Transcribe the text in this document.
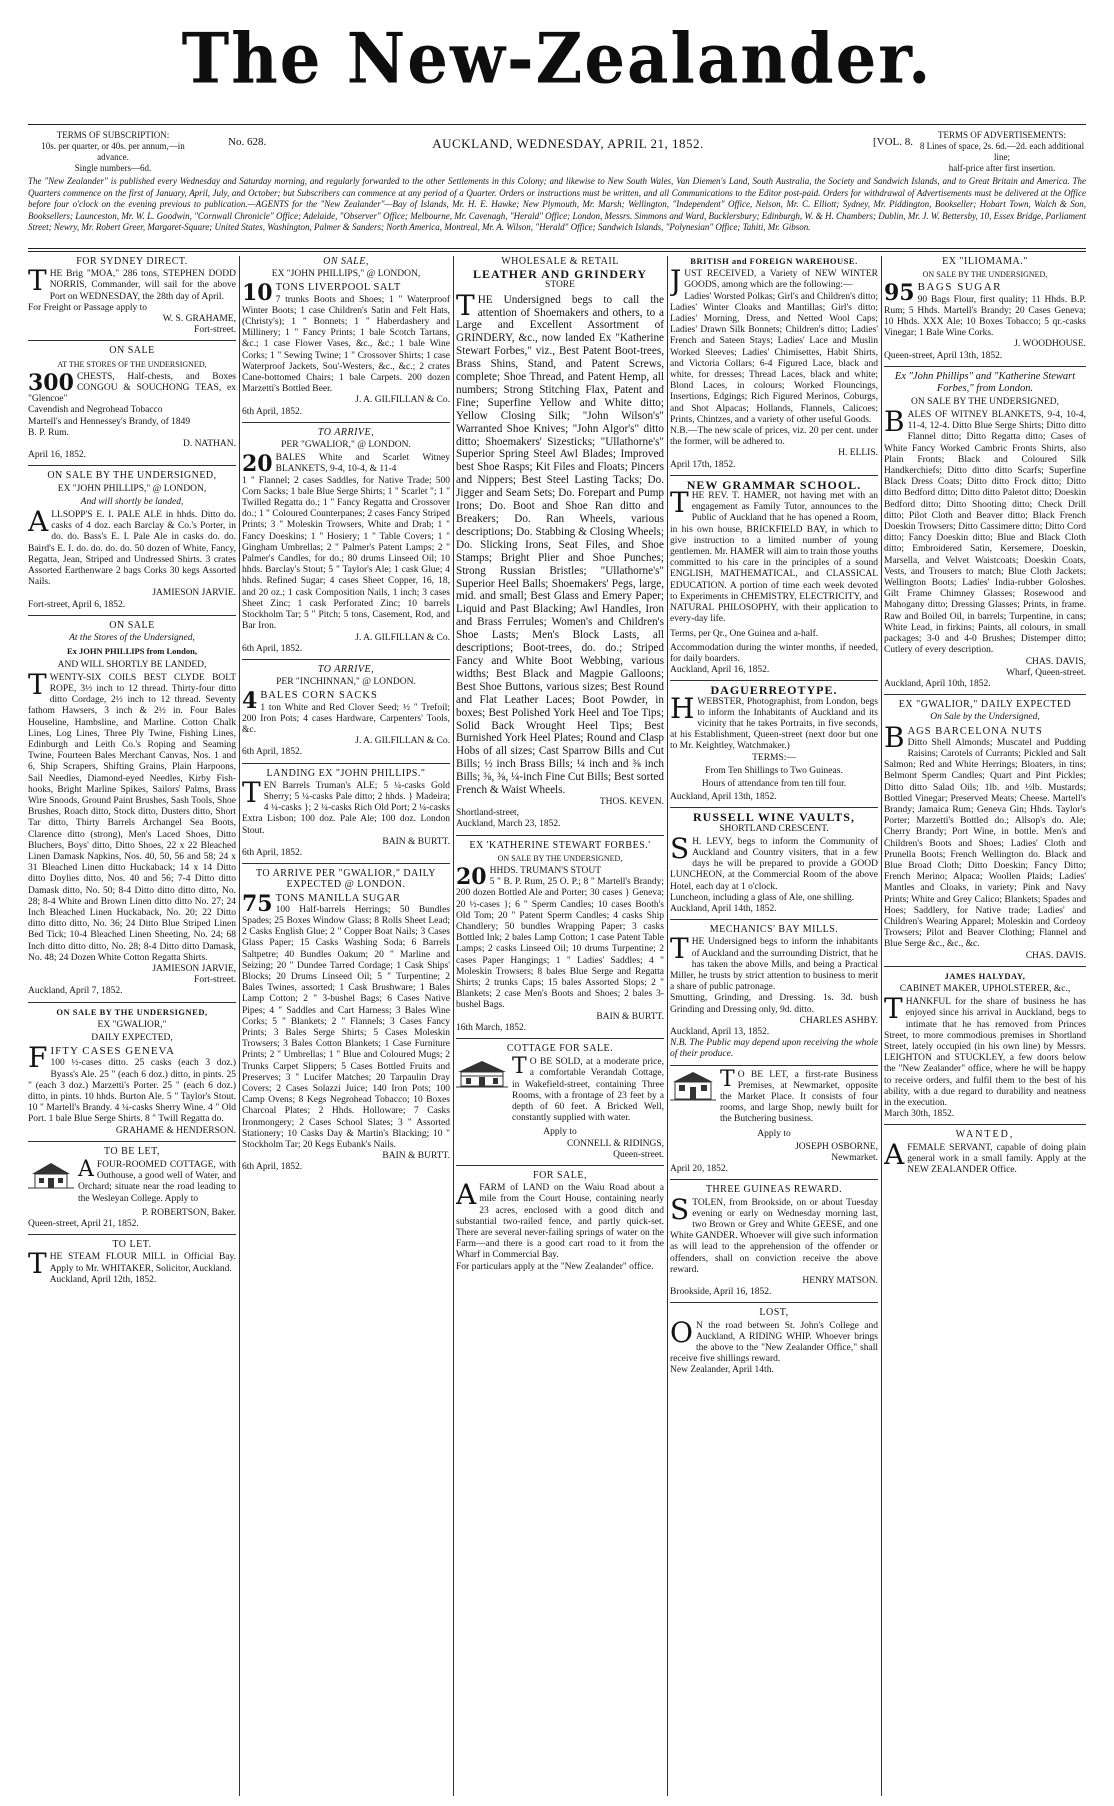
The New-Zealander.
TERMS OF SUBSCRIPTION:
10s. per quarter, or 40s. per annum,—in advance.
Single numbers—6d.
No. 628.	AUCKLAND, WEDNESDAY, APRIL 21, 1852.	[VOL. 8.
TERMS OF ADVERTISEMENTS:
8 Lines of space, 2s. 6d.—2d. each additional line;
half-price after first insertion.
The "New Zealander" is published every Wednesday and Saturday morning, and regularly forwarded to the other Settlements in this Colony; and likewise to New South Wales, Van Diemen's Land, South Australia, the Society and Sandwich Islands, and to Great Britain and America. The Quarters commence on the first of January, April, July, and October; but Subscribers can commence at any period of a Quarter. Orders or instructions must be written, and all Communications to the Editor post-paid. Orders for withdrawal of Advertisements must be delivered at the Office before four o'clock on the evening previous to publication.—AGENTS for the "New Zealander"—Bay of Islands, Mr. H. E. Hawke; New Plymouth, Mr. Marsh; Wellington, "Independent" Office, Nelson, Mr. C. Elliott; Sydney, Mr. Piddington, Bookseller; Hobart Town, Walch & Son, Booksellers; Launceston, Mr. W. L. Goodwin, "Cornwall Chronicle" Office; Adelaide, "Observer" Office; Melbourne, Mr. Cavenagh, "Herald" Office; London, Messrs. Simmons and Ward, Bucklersbury; Edinburgh, W. & H. Chambers; Dublin, Mr. J. W. Bettersby, 10, Essex Bridge, Parliament Street; Newry, Mr. Robert Greer, Margaret-Square; United States, Washington, Palmer & Sanders; North America, Montreal, Mr. A. Wilson, "Herald" Office; Sandwich Islands, "Polynesian" Office; Tahiti, Mr. Gibson.
FOR SYDNEY DIRECT.

THE Brig "MOA," 286 tons, STEPHEN DODD NORRIS, Commander, will sail for the above Port on WEDNESDAY, the 28th day of April.

For Freight or Passage apply to

W. S. GRAHAME,

Fort-street.

ON SALE

AT THE STORES OF THE UNDERSIGNED,

300 CHESTS, Half-chests, and Boxes CONGOU & SOUCHONG TEAS, ex "Glencoe"

Cavendish and Negrohead Tobacco

Martell's and Hennessey's Brandy, of 1849

B. P. Rum.

D. NATHAN.

April 16, 1852.

ON SALE BY THE UNDERSIGNED,

EX "JOHN PHILLIPS," @ LONDON,

And will shortly be landed,

ALLSOPP'S E. I. PALE ALE in hhds. Ditto do. casks of 4 doz. each Barclay & Co.'s Porter, in do. do. Bass's E. I. Pale Ale in casks do. do. Baird's E. I. do. do. do. do. 50 dozen of White, Fancy, Regatta, Jean, Striped and Undressed Shirts. 3 crates Assorted Earthenware 2 bags Corks 30 kegs Assorted Nails.

JAMIESON JARVIE.

Fort-street, April 6, 1852.

ON SALE

At the Stores of the Undersigned,

Ex JOHN PHILLIPS from London,

AND WILL SHORTLY BE LANDED,

TWENTY-SIX COILS BEST CLYDE BOLT ROPE, 3½ inch to 12 thread. Thirty-four ditto ditto Cordage, 2½ inch to 12 thread. Seventy fathom Hawsers, 3 inch & 2½ in. Four Bales Houseline, Hambsline, and Marline. Cotton Chalk Lines, Log Lines, Three Ply Twine, Fishing Lines, Edinburgh and Leith Co.'s Roping and Seaming Twine, Fourteen Bales Merchant Canvas, Nos. 1 and 6, Ship Scrapers, Shifting Grains, Plain Harpoons, Sail Needles, Diamond-eyed Needles, Kirby Fish-hooks, Bright Marline Spikes, Sailors' Palms, Brass Wire Snoods, Ground Paint Brushes, Sash Tools, Shoe Brushes, Roach ditto, Stock ditto, Dusters ditto, Short Tar ditto, Thirty Barrels Archangel Sea Boots, Clarence ditto (strong), Men's Laced Shoes, Ditto Bluchers, Boys' ditto, Ditto Shoes, 22 x 22 Bleached Linen Damask Napkins, Nos. 40, 50, 56 and 58; 24 x 31 Bleached Linen ditto Huckaback; 14 x 14 Ditto ditto Doylies ditto, Nos. 40 and 56; 7-4 Ditto ditto Damask ditto, No. 50; 8-4 Ditto ditto ditto ditto, No. 28; 8-4 White and Brown Linen ditto ditto No. 27; 24 Inch Bleached Linen Huckaback, No. 20; 22 Ditto ditto ditto ditto, No. 36; 24 Ditto Blue Striped Linen Bed Tick; 10-4 Bleached Linen Sheeting, No. 24; 68 Inch ditto ditto ditto, No. 28; 8-4 Ditto ditto Damask, No. 48; 24 Dozen White Cotton Regatta Shirts.

JAMIESON JARVIE,

Fort-street.

Auckland, April 7, 1852.

ON SALE BY THE UNDERSIGNED,

EX "GWALIOR,"

DAILY EXPECTED,

FIFTY CASES GENEVA

100 ½-cases ditto. 25 casks (each 3 doz.) Byass's Ale. 25 " (each 6 doz.) ditto, in pints. 25 " (each 3 doz.) Marzetti's Porter. 25 " (each 6 doz.) ditto, in pints. 10 hhds. Burton Ale. 5 " Taylor's Stout. 10 " Martell's Brandy. 4 ¼-casks Sherry Wine. 4 " Old Port. 1 bale Blue Serge Shirts. 8 " Twill Regatta do.

GRAHAME & HENDERSON.

TO BE LET,

AFOUR-ROOMED COTTAGE, with Outhouse, a good well of Water, and Orchard; situate near the road leading to the Wesleyan College. Apply to

P. ROBERTSON, Baker.

Queen-street, April 21, 1852.

TO LET.

THE STEAM FLOUR MILL in Official Bay. Apply to Mr. WHITAKER, Solicitor, Auckland.

Auckland, April 12th, 1852.

ON SALE,

EX "JOHN PHILLIPS," @ LONDON,

10 TONS LIVERPOOL SALT

7 trunks Boots and Shoes; 1 " Waterproof Winter Boots; 1 case Children's Satin and Felt Hats, (Christy's); 1 " Bonnets; 1 " Haberdashery and Millinery; 1 " Fancy Prints; 1 bale Scotch Tartans, &c.; 1 case Flower Vases, &c., &c.; 1 bale Wine Corks; 1 " Sewing Twine; 1 " Crossover Shirts; 1 case Waterproof Jackets, Sou'-Westers, &c., &c.; 2 crates Cane-bottomed Chairs; 1 bale Carpets. 200 dozen Marzetti's Bottled Beer.

J. A. GILFILLAN & Co.

6th April, 1852.

TO ARRIVE,

PER "GWALIOR," @ LONDON.

20 BALES White and Scarlet Witney BLANKETS, 9-4, 10-4, & 11-4

1 " Flannel; 2 cases Saddles, for Native Trade; 500 Corn Sacks; 1 bale Blue Serge Shirts; 1 " Scarlet "; 1 " Twilled Regatta do.; 1 " Fancy Regatta and Crossover do.; 1 " Coloured Counterpanes; 2 cases Fancy Striped Prints; 3 " Moleskin Trowsers, White and Drab; 1 " Fancy Doeskins; 1 " Hosiery; 1 " Table Covers; 1 " Gingham Umbrellas; 2 " Palmer's Patent Lamps; 2 " Palmer's Candles, for do.; 80 drums Linseed Oil; 10 hhds. Barclay's Stout; 5 " Taylor's Ale; 1 cask Glue; 4 hhds. Refined Sugar; 4 cases Sheet Copper, 16, 18, and 20 oz.; 1 cask Composition Nails, 1 inch; 3 cases Sheet Zinc; 1 cask Perforated Zinc; 10 barrels Stockholm Tar; 5 " Pitch; 5 tons, Casement, Rod, and Bar Iron.

J. A. GILFILLAN & Co.

6th April, 1852.

TO ARRIVE,

PER "INCHINNAN," @ LONDON.

4 BALES CORN SACKS

1 ton White and Red Clover Seed; ½ " Trefoil; 200 Iron Pots; 4 cases Hardware, Carpenters' Tools, &c.

J. A. GILFILLAN & Co.

6th April, 1852.

LANDING EX "JOHN PHILLIPS."

TEN Barrels Truman's ALE; 5 ¼-casks Gold Sherry; 5 ¼-casks Pale ditto; 2 hhds. } Madeira; 4 ¼-casks }; 2 ¼-casks Rich Old Port; 2 ¼-casks Extra Lisbon; 100 doz. Pale Ale; 100 doz. London Stout.

BAIN & BURTT.

6th April, 1852.

TO ARRIVE PER "GWALIOR," DAILY EXPECTED @ LONDON.

75 TONS MANILLA SUGAR

100 Half-barrels Herrings; 50 Bundles Spades; 25 Boxes Window Glass; 8 Rolls Sheet Lead; 2 Casks English Glue; 2 " Copper Boat Nails; 3 Cases Glass Paper; 15 Casks Washing Soda; 6 Barrels Saltpetre; 40 Bundles Oakum; 20 " Marline and Seizing; 20 " Dundee Tarred Cordage; 1 Cask Ships' Blocks; 20 Drums Linseed Oil; 5 " Turpentine; 2 Bales Twines, assorted; 1 Cask Brushware; 1 Bales Lamp Cotton; 2 " 3-bushel Bags; 6 Cases Native Pipes; 4 " Saddles and Cart Harness; 3 Bales Wine Corks; 5 " Blankets; 2 " Flannels; 3 Cases Fancy Prints; 3 Bales Serge Shirts; 5 Cases Moleskin Trowsers; 3 Bales Cotton Blankets; 1 Case Furniture Prints; 2 " Umbrellas; 1 " Blue and Coloured Mugs; 2 Trunks Carpet Slippers; 5 Cases Bottled Fruits and Preserves; 3 " Lucifer Matches; 20 Tarpaulin Dray Covers; 2 Cases Solazzi Juice; 140 Iron Pots; 100 Camp Ovens; 8 Kegs Negrohead Tobacco; 10 Boxes Charcoal Plates; 2 Hhds. Holloware; 7 Casks Ironmongery; 2 Cases School Slates; 3 " Assorted Stationery; 10 Casks Day & Martin's Blacking; 10 " Stockholm Tar; 20 Kegs Eubank's Nails.

BAIN & BURTT.

6th April, 1852.

WHOLESALE & RETAIL

LEATHER AND GRINDERY

STORE

THE Undersigned begs to call the attention of Shoemakers and others, to a Large and Excellent Assortment of GRINDERY, &c., now landed Ex "Katherine Stewart Forbes," viz., Best Patent Boot-trees, Brass Shins, Stand, and Patent Screws, complete; Shoe Thread, and Patent Hemp, all numbers; Strong Stitching Flax, Patent and Fine; Superfine Yellow and White ditto; Yellow Closing Silk; "John Wilson's" Warranted Shoe Knives; "John Algor's" ditto ditto; Shoemakers' Sizesticks; "Ullathorne's" Superior Spring Steel Awl Blades; Improved best Shoe Rasps; Kit Files and Floats; Pincers and Nippers; Best Steel Lasting Tacks; Do. Jigger and Seam Sets; Do. Forepart and Pump Irons; Do. Boot and Shoe Ran ditto and Breakers; Do. Ran Wheels, various descriptions; Do. Stabbing & Closing Wheels; Do. Slicking Irons, Seat Files, and Shoe Stamps; Bright Plier and Shoe Punches; Strong Russian Bristles; "Ullathorne's" Superior Heel Balls; Shoemakers' Pegs, large, mid. and small; Best Glass and Emery Paper; Liquid and Past Blacking; Awl Handles, Iron and Brass Ferrules; Women's and Children's Shoe Lasts; Men's Block Lasts, all descriptions; Boot-trees, do. do.; Striped Fancy and White Boot Webbing, various widths; Best Black and Magpie Galloons; Best Shoe Buttons, various sizes; Best Round and Flat Leather Laces; Boot Powder, in boxes; Best Polished York Heel and Toe Tips; Solid Back Wrought Heel Tips; Best Burnished York Heel Plates; Round and Clasp Hobs of all sizes; Cast Sparrow Bills and Cut Bills; ½ inch Brass Bills; ¼ inch and ⅜ inch Bills; ⅜, ⅜, ¼-inch Fine Cut Bills; Best sorted French & Waist Wheels.

THOS. KEVEN.

Shortland-street,

Auckland, March 23, 1852.

EX 'KATHERINE STEWART FORBES.'

ON SALE BY THE UNDERSIGNED,

20 HHDS. TRUMAN'S STOUT

5 " B. P. Rum, 25 O. P.; 8 " Martell's Brandy; 200 dozen Bottled Ale and Porter; 30 cases } Geneva; 20 ½-cases }; 6 " Sperm Candles; 10 cases Booth's Old Tom; 20 " Patent Sperm Candles; 4 casks Ship Chandlery; 50 bundles Wrapping Paper; 3 casks Bottled Ink; 2 bales Lamp Cotton; 1 case Patent Table Lamps; 2 casks Linseed Oil; 10 drums Turpentine; 2 cases Paper Hangings; 1 " Ladies' Saddles; 4 " Moleskin Trowsers; 8 bales Blue Serge and Regatta Shirts; 2 trunks Caps; 15 bales Assorted Slops; 2 " Blankets; 2 case Men's Boots and Shoes; 2 bales 3-bushel Bags.

BAIN & BURTT.

16th March, 1852.

COTTAGE FOR SALE.

T O BE SOLD, at a moderate price, a comfortable Verandah Cottage, in Wakefield-street, containing Three Rooms, with a frontage of 23 feet by a depth of 60 feet. A Bricked Well, constantly supplied with water.

Apply to

CONNELL & RIDINGS,

Queen-street.

FOR SALE,

AFARM of LAND on the Waiu Road about a mile from the Court House, containing nearly 23 acres, enclosed with a good ditch and substantial two-railed fence, and partly quick-set. There are several never-failing springs of water on the Farm—and there is a good cart road to it from the Wharf in Commercial Bay.

For particulars apply at the "New Zealander" office.

BRITISH and FOREIGN WAREHOUSE.

JUST RECEIVED, a Variety of NEW WINTER GOODS, among which are the following:—

Ladies' Worsted Polkas; Girl's and Children's ditto; Ladies' Winter Cloaks and Mantillas; Girl's ditto; Ladies' Morning, Dress, and Netted Wool Caps; Ladies' Drawn Silk Bonnets; Children's ditto; Ladies' French and Sateen Stays; Ladies' Lace and Muslin Worked Sleeves; Ladies' Chimisettes, Habit Shirts, and Victoria Collars; 6-4 Figured Lace, black and white, for dresses; Thread Laces, black and white; Blond Laces, in colours; Worked Flouncings, Insertions, Edgings; Rich Figured Merinos, Coburgs, and Shot Alpacas; Hollands, Flannels, Calicoes; Prints, Chintzes, and a variety of other useful Goods.

N.B.—The new scale of prices, viz. 20 per cent. under the former, will be adhered to.

H. ELLIS.

April 17th, 1852.

NEW GRAMMAR SCHOOL.

THE REV. T. HAMER, not having met with an engagement as Family Tutor, announces to the Public of Auckland that he has opened a Room, in his own house, BRICKFIELD BAY, in which to give instruction to a limited number of young gentlemen. Mr. HAMER will aim to train those youths committed to his care in the principles of a sound ENGLISH, MATHEMATICAL, and CLASSICAL EDUCATION. A portion of time each week devoted to Experiments in CHEMISTRY, ELECTRICITY, and NATURAL PHILOSOPHY, with their application to every-day life.

Terms, per Qr., One Guinea and a-half.

Accommodation during the winter months, if needed, for daily boarders.

Auckland, April 16, 1852.

DAGUERREOTYPE.

HWEBSTER, Photographist, from London, begs to inform the Inhabitants of Auckland and its vicinity that he takes Portraits, in five seconds, at his Establishment, Queen-street (next door but one to Mr. Keightley, Watchmaker.)

TERMS:—

From Ten Shillings to Two Guineas.

Hours of attendance from ten till four.

Auckland, April 13th, 1852.

RUSSELL WINE VAULTS,

SHORTLAND CRESCENT.

S H. LEVY, begs to inform the Community of Auckland and Country visiters, that in a few days he will be prepared to provide a GOOD LUNCHEON, at the Commercial Room of the above Hotel, each day at 1 o'clock.

Luncheon, including a glass of Ale, one shilling.

Auckland, April 14th, 1852.

MECHANICS' BAY MILLS.

THE Undersigned begs to inform the inhabitants of Auckland and the surrounding District, that he has taken the above Mills, and being a Practical Miller, he trusts by strict attention to business to merit a share of public patronage.

Smutting, Grinding, and Dressing. 1s. 3d. bush Grinding and Dressing only, 9d. ditto.

CHARLES ASHBY.

Auckland, April 13, 1852.

N.B. The Public may depend upon receiving the whole of their produce.

T O BE LET, a first-rate Business Premises, at Newmarket, opposite the Market Place. It consists of four rooms, and large Shop, newly built for the Butchering business.

Apply to

JOSEPH OSBORNE,

Newmarket.

April 20, 1852.

THREE GUINEAS REWARD.

STOLEN, from Brookside, on or about Tuesday evening or early on Wednesday morning last, two Brown or Grey and White GEESE, and one White GANDER. Whoever will give such information as will lead to the apprehension of the offender or offenders, shall on conviction receive the above reward.

HENRY MATSON.

Brookside, April 16, 1852.

LOST,

O N the road between St. John's College and Auckland, A RIDING WHIP. Whoever brings the above to the "New Zealander Office," shall receive five shillings reward.

New Zealander, April 14th.

EX "ILIOMAMA."

ON SALE BY THE UNDERSIGNED,

95 BAGS SUGAR

90 Bags Flour, first quality; 11 Hhds. B.P. Rum; 5 Hhds. Martell's Brandy; 20 Cases Geneva; 10 Hhds. XXX Ale; 10 Boxes Tobacco; 5 qr.-casks Vinegar; 1 Bale Wine Corks.

J. WOODHOUSE.

Queen-street, April 13th, 1852.

Ex "John Phillips" and "Katherine Stewart Forbes," from London.

ON SALE BY THE UNDERSIGNED,

BALES OF WITNEY BLANKETS, 9-4, 10-4, 11-4, 12-4. Ditto Blue Serge Shirts; Ditto ditto Flannel ditto; Ditto Regatta ditto; Cases of White Fancy Worked Cambric Fronts Shirts, also Plain Fronts; Black and Coloured Silk Handkerchiefs; Ditto ditto ditto Scarfs; Superfine Black Dress Coats; Ditto ditto Frock ditto; Ditto ditto Bedford ditto; Ditto ditto Paletot ditto; Doeskin Bedford ditto; Ditto Shooting ditto; Check Drill ditto; Pilot Cloth and Beaver ditto; Black French Doeskin Trowsers; Ditto Cassimere ditto; Ditto Cord ditto; Fancy Doeskin ditto; Blue and Black Cloth ditto; Embroidered Satin, Kersemere, Doeskin, Marsella, and Velvet Waistcoats; Doeskin Coats, Vests, and Trousers to match; Blue Cloth Jackets; Wellington Boots; Ladies' India-rubber Goloshes. Gilt Frame Chimney Glasses; Rosewood and Mahogany ditto; Dressing Glasses; Prints, in frame. Raw and Boiled Oil, in barrels; Turpentine, in cans; White Lead, in firkins; Paints, all colours, in small packages; 3-0 and 4-0 Brushes; Distemper ditto; Cutlery of every description.

CHAS. DAVIS,

Wharf, Queen-street.

Auckland, April 10th, 1852.

EX "GWALIOR," DAILY EXPECTED

On Sale by the Undersigned,

BAGS BARCELONA NUTS

Ditto Shell Almonds; Muscatel and Pudding Raisins; Carotels of Currants; Pickled and Salt Salmon; Red and White Herrings; Bloaters, in tins; Belmont Sperm Candles; Quart and Pint Pickles; Ditto ditto Salad Oils; 1lb. and ½lb. Mustards; Bottled Vinegar; Preserved Meats; Cheese. Martell's Brandy; Jamaica Rum; Geneva Gin; Hhds. Taylor's Porter; Marzetti's Bottled do.; Allsop's do. Ale; Cherry Brandy; Port Wine, in bottle. Men's and Children's Boots and Shoes; Ladies' Cloth and Prunella Boots; French Wellington do. Black and Blue Broad Cloth; Ditto Doeskin; Fancy Ditto; French Merino; Alpaca; Woollen Plaids; Ladies' Mantles and Cloaks, in variety; Pink and Navy Prints; White and Grey Calico; Blankets; Spades and Hoes; Saddlery, for Native trade; Ladies' and Children's Wearing Apparel; Moleskin and Cordeoy Trowsers; Pilot and Beaver Clothing; Flannel and Blue Serge &c., &c., &c.

CHAS. DAVIS.

JAMES HALYDAY,

CABINET MAKER, UPHOLSTERER, &c.,

THANKFUL for the share of business he has enjoyed since his arrival in Auckland, begs to intimate that he has removed from Princes Street, to more commodious premises in Shortland Street, lately occupied (in his own line) by Messrs. LEIGHTON and STUCKLEY, a few doors below the "New Zealander" office, where he will be happy to receive orders, and fulfil them to the best of his ability, with a due regard to durability and neatness in the execution.

March 30th, 1852.

WANTED,

AFEMALE SERVANT, capable of doing plain general work in a small family. Apply at the NEW ZEALANDER Office.
